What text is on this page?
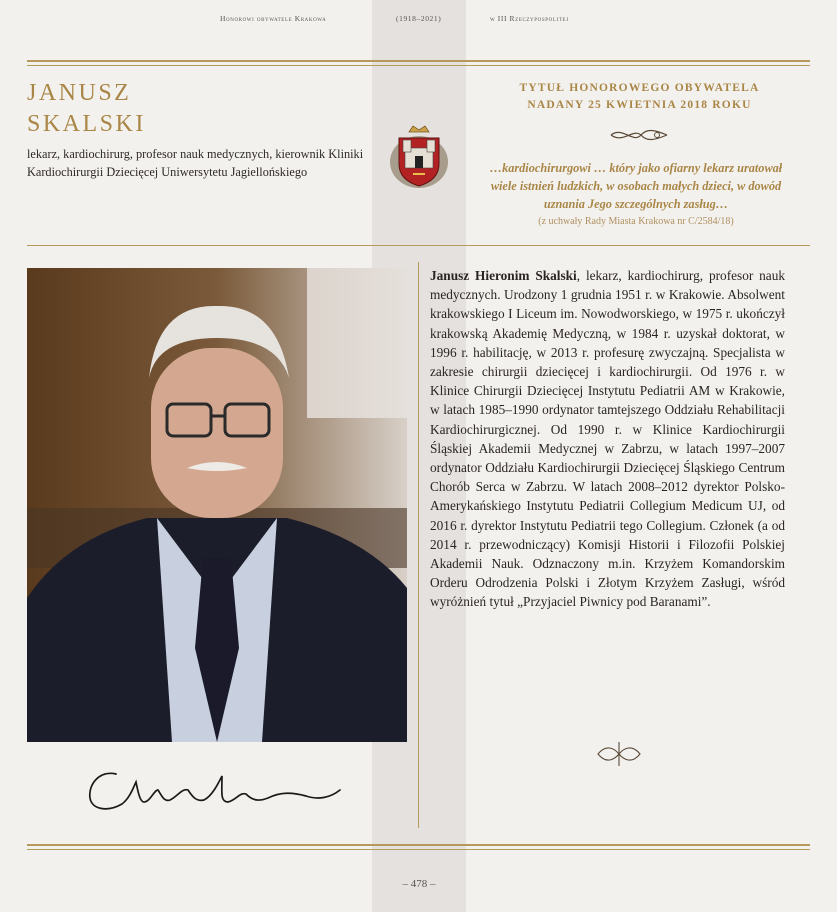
Honorowi obywatele Krakowa	(1918–2021)	w III Rzeczypospolitej
JANUSZ
SKALSKI
lekarz, kardiochirurg, profesor nauk medycznych, kierownik Kliniki Kardiochirurgii Dziecięcej Uniwersytetu Jagiellońskiego
TYTUŁ HONOROWEGO OBYWATELA
NADANY 25 KWIETNIA 2018 ROKU
…kardiochirurgowi … który jako ofiarny lekarz uratował wiele istnień ludzkich, w osobach małych dzieci, w dowód uznania Jego szczególnych zasług…
(z uchwały Rady Miasta Krakowa nr C/2584/18)
Janusz Hieronim Skalski, lekarz, kardiochirurg, profesor nauk medycznych. Urodzony 1 grudnia 1951 r. w Krakowie. Absolwent krakowskiego I Liceum im. Nowodworskiego, w 1975 r. ukończył krakowską Akademię Medyczną, w 1984 r. uzyskał doktorat, w 1996 r. habilitację, w 2013 r. profesurę zwyczajną. Specjalista w zakresie chirurgii dziecięcej i kardiochirurgii. Od 1976 r. w Klinice Chirurgii Dziecięcej Instytutu Pediatrii AM w Krakowie, w latach 1985–1990 ordynator tamtejszego Oddziału Rehabilitacji Kardiochirurgicznej. Od 1990 r. w Klinice Kardiochirurgii Śląskiej Akademii Medycznej w Zabrzu, w latach 1997–2007 ordynator Oddziału Kardiochirurgii Dziecięcej Śląskiego Centrum Chorób Serca w Zabrzu. W latach 2008–2012 dyrektor Polsko-Amerykańskiego Instytutu Pediatrii Collegium Medicum UJ, od 2016 r. dyrektor Instytutu Pediatrii tego Collegium. Członek (a od 2014 r. przewodniczący) Komisji Historii i Filozofii Polskiej Akademii Nauk. Odznaczony m.in. Krzyżem Komandorskim Orderu Odrodzenia Polski i Złotym Krzyżem Zasługi, wśród wyróżnień tytuł „Przyjaciel Piwnicy pod Baranami”.
– 478 –
